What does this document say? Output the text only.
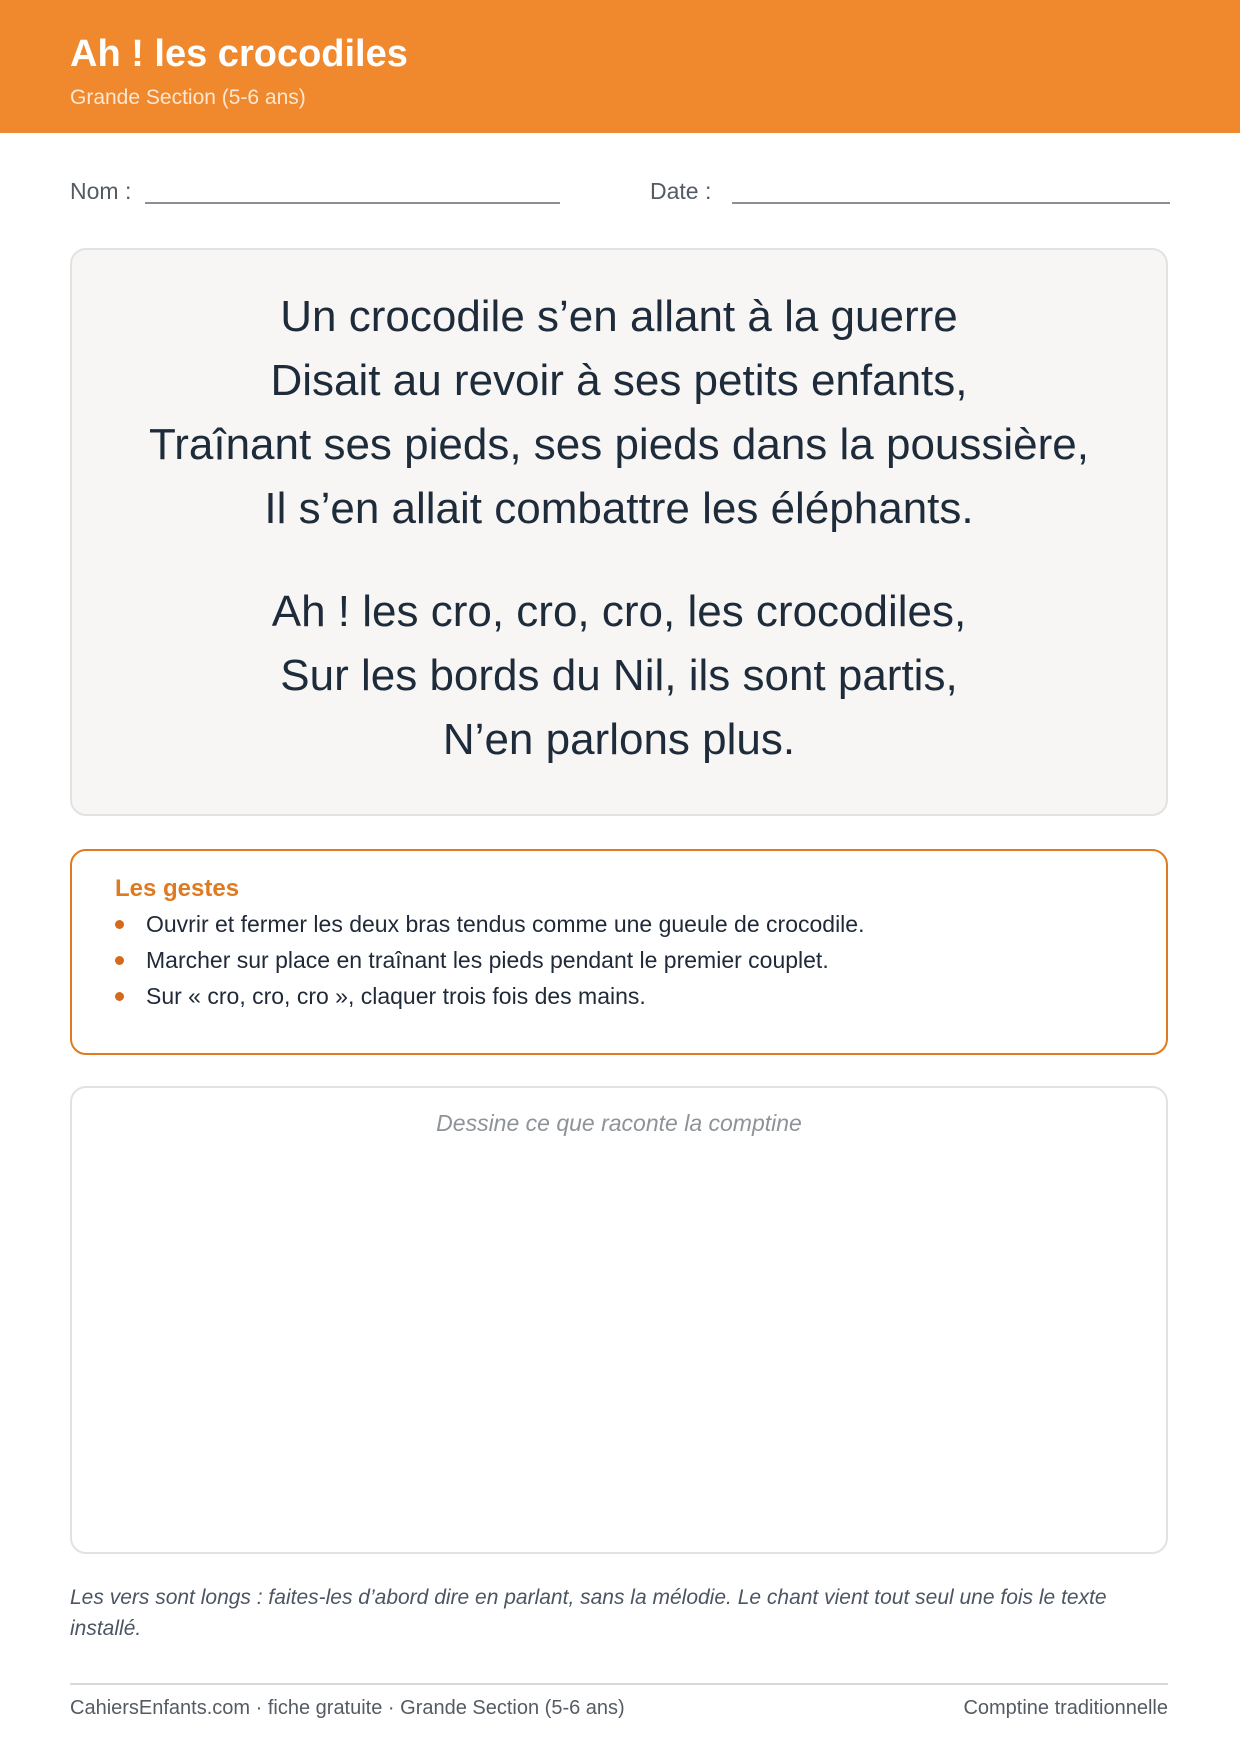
Ah ! les crocodiles
Grande Section (5-6 ans)
Nom :	Date :
Un crocodile s’en allant à la guerre
Disait au revoir à ses petits enfants,
Traînant ses pieds, ses pieds dans la poussière,
Il s’en allait combattre les éléphants.
Ah ! les cro, cro, cro, les crocodiles,
Sur les bords du Nil, ils sont partis,
N’en parlons plus.
Les gestes
Ouvrir et fermer les deux bras tendus comme une gueule de crocodile.
Marcher sur place en traînant les pieds pendant le premier couplet.
Sur « cro, cro, cro », claquer trois fois des mains.
Dessine ce que raconte la comptine
Les vers sont longs : faites-les d’abord dire en parlant, sans la mélodie. Le chant vient tout seul une fois le texte installé.
CahiersEnfants.com · fiche gratuite · Grande Section (5-6 ans)	Comptine traditionnelle
